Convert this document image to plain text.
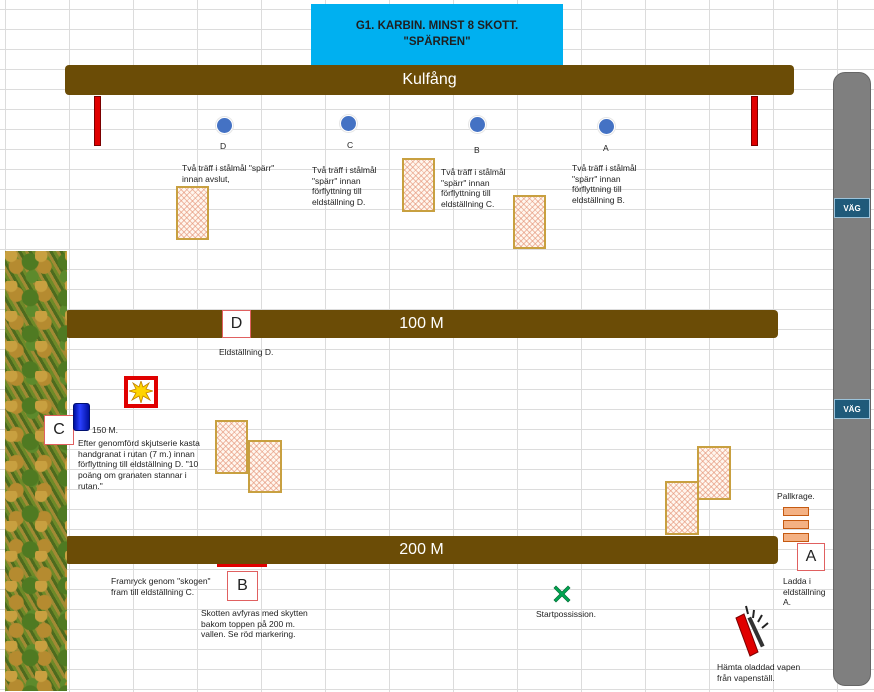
G1. KARBIN. MINST 8 SKOTT.
"SPÄRREN"
Kulfång
100 M
200 M
VÄG
VÄG
D
Två träff i stålmål "spärr" innan avslut,
C
Två träff i stålmål "spärr" innan förflyttning till eldställning D.
B
Två träff i stålmål "spärr" innan förflyttning till eldställning C.
A
Två träff i stålmål "spärr" innan förflyttning till eldställning B.
D
Eldställning D.
C	150 M.
Efter genomförd skjutserie kasta handgranat i rutan (7 m.) innan förflyttning till eldställning D. "10 poäng om granaten stannar i rutan."
Framryck genom "skogen" fram till eldställning C.	B
Skotten avfyras med skytten bakom toppen på 200 m. vallen. Se röd markering.
Startpossission.
Pallkrage.
A
Ladda i eldställning A.
Hämta oladdad vapen från vapenställ.
